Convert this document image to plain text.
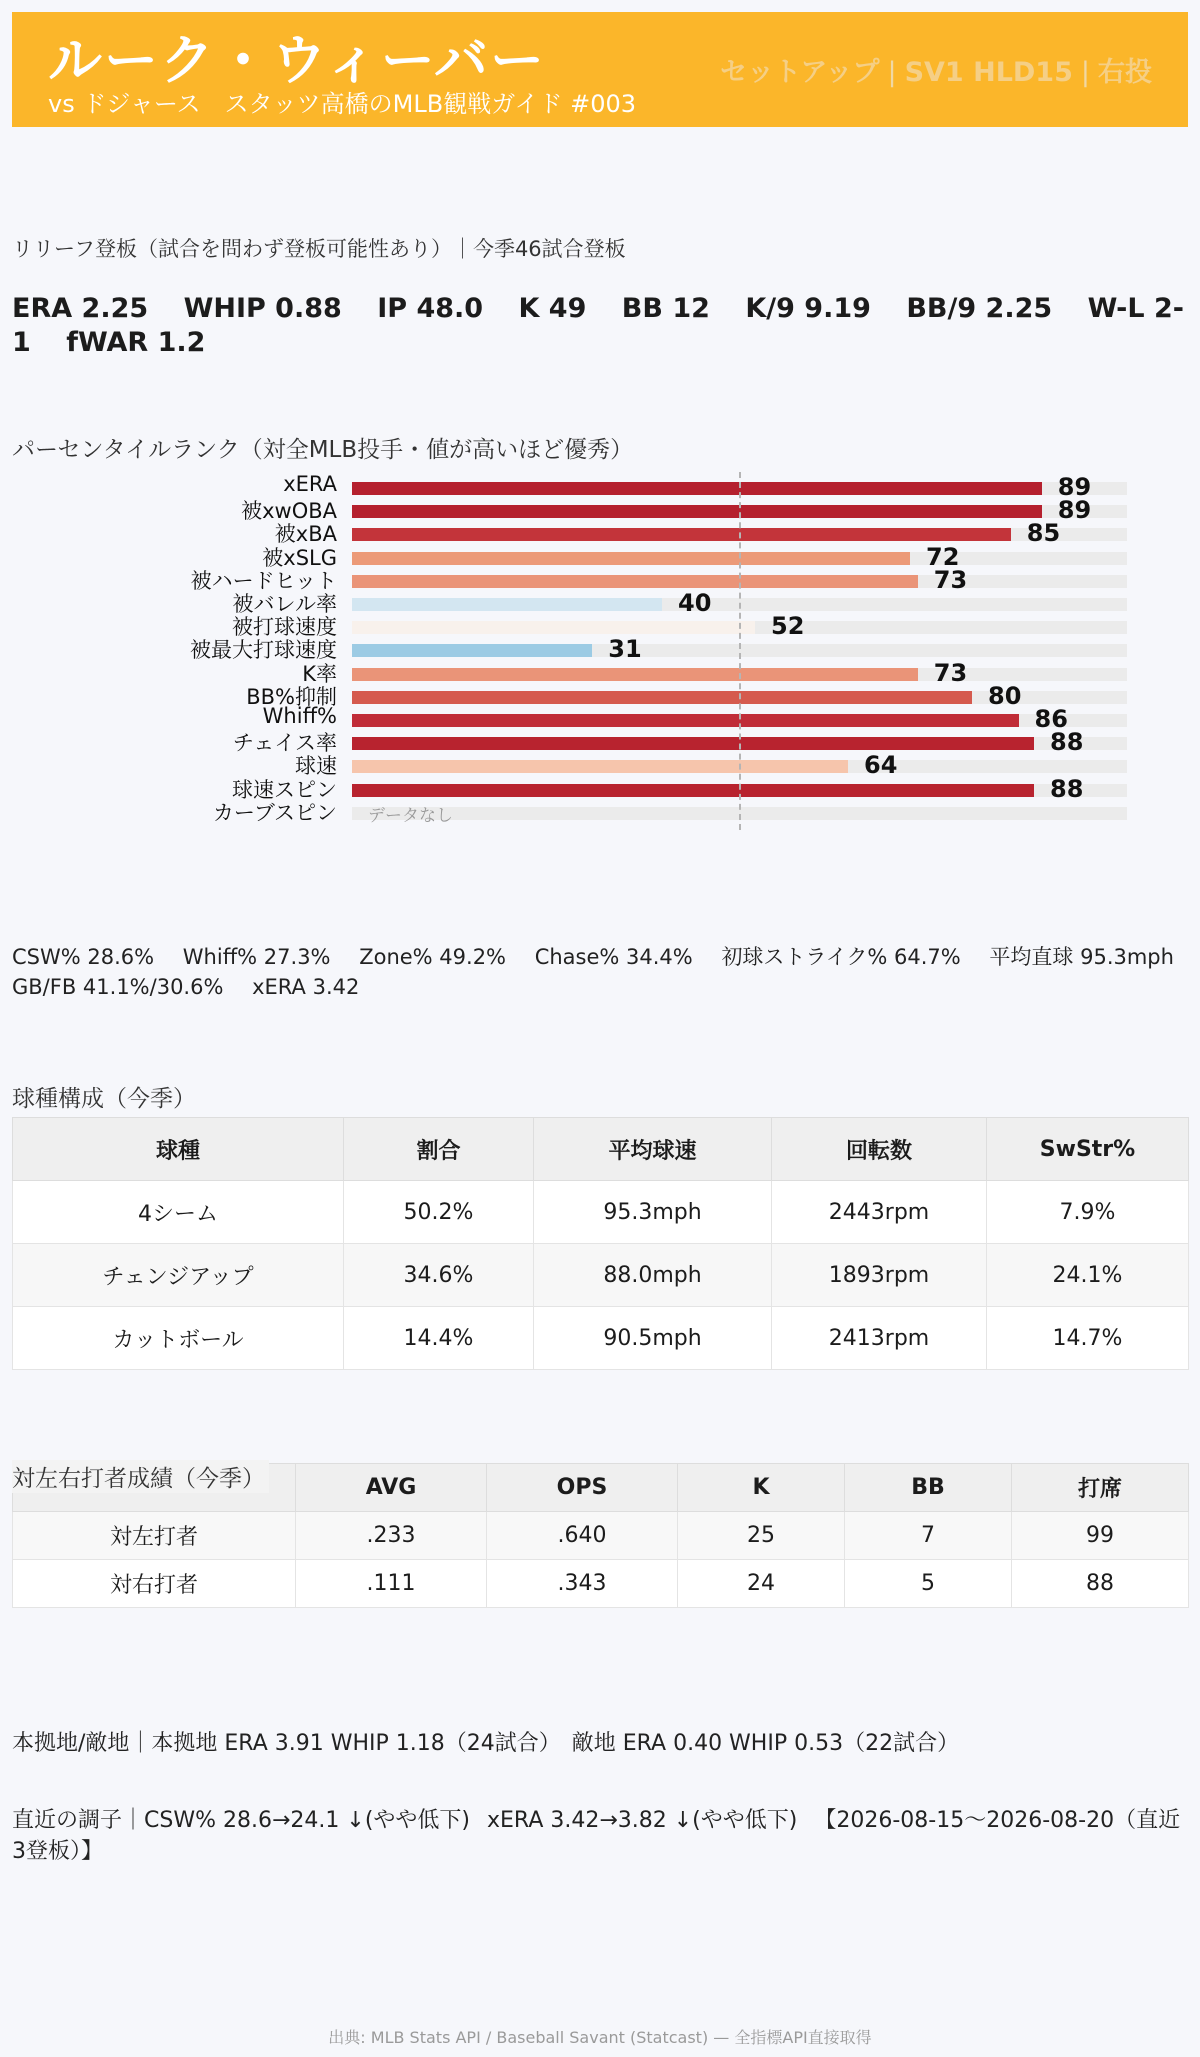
ルーク・ウィーバー
vs ドジャース　スタッツ高橋のMLB観戦ガイド #003
セットアップ | SV1 HLD15 | 右投
リリーフ登板（試合を問わず登板可能性あり）｜今季46試合登板
ERA 2.25 WHIP 0.88 IP 48.0 K 49 BB 12 K/9 9.19 BB/9 2.25 W-L 2-1 fWAR 1.2
パーセンタイルランク（対全MLB投手・値が高いほど優秀）
xERA	89
被xwOBA	89
被xBA	85
被xSLG	72
被ハードヒット	73
被バレル率	40
被打球速度	52
被最大打球速度	31
K率	73
BB%抑制	80
Whiff%	86
チェイス率	88
球速	64
球速スピン	88
カーブスピン データなし
CSW% 28.6% Whiff% 27.3% Zone% 49.2% Chase% 34.4% 初球ストライク% 64.7% 平均直球 95.3mph GB/FB 41.1%/30.6% xERA 3.42
球種構成（今季）
球種	割合	平均球速	回転数	SwStr%
4シーム	50.2%	95.3mph	2443rpm	7.9%
チェンジアップ	34.6%	88.0mph	1893rpm	24.1%
カットボール	14.4%	90.5mph	2413rpm	14.7%
	AVG	OPS	K	BB	打席
対左打者	.233	.640	25	7	99
対右打者	.111	.343	24	5	88
対左右打者成績（今季）
本拠地/敵地｜本拠地 ERA 3.91 WHIP 1.18（24試合）　敵地 ERA 0.40 WHIP 0.53（22試合）
直近の調子｜CSW% 28.6→24.1 ↓(やや低下) xERA 3.42→3.82 ↓(やや低下) 【2026-08-15〜2026-08-20（直近3登板）】
出典: MLB Stats API / Baseball Savant (Statcast) — 全指標API直接取得
